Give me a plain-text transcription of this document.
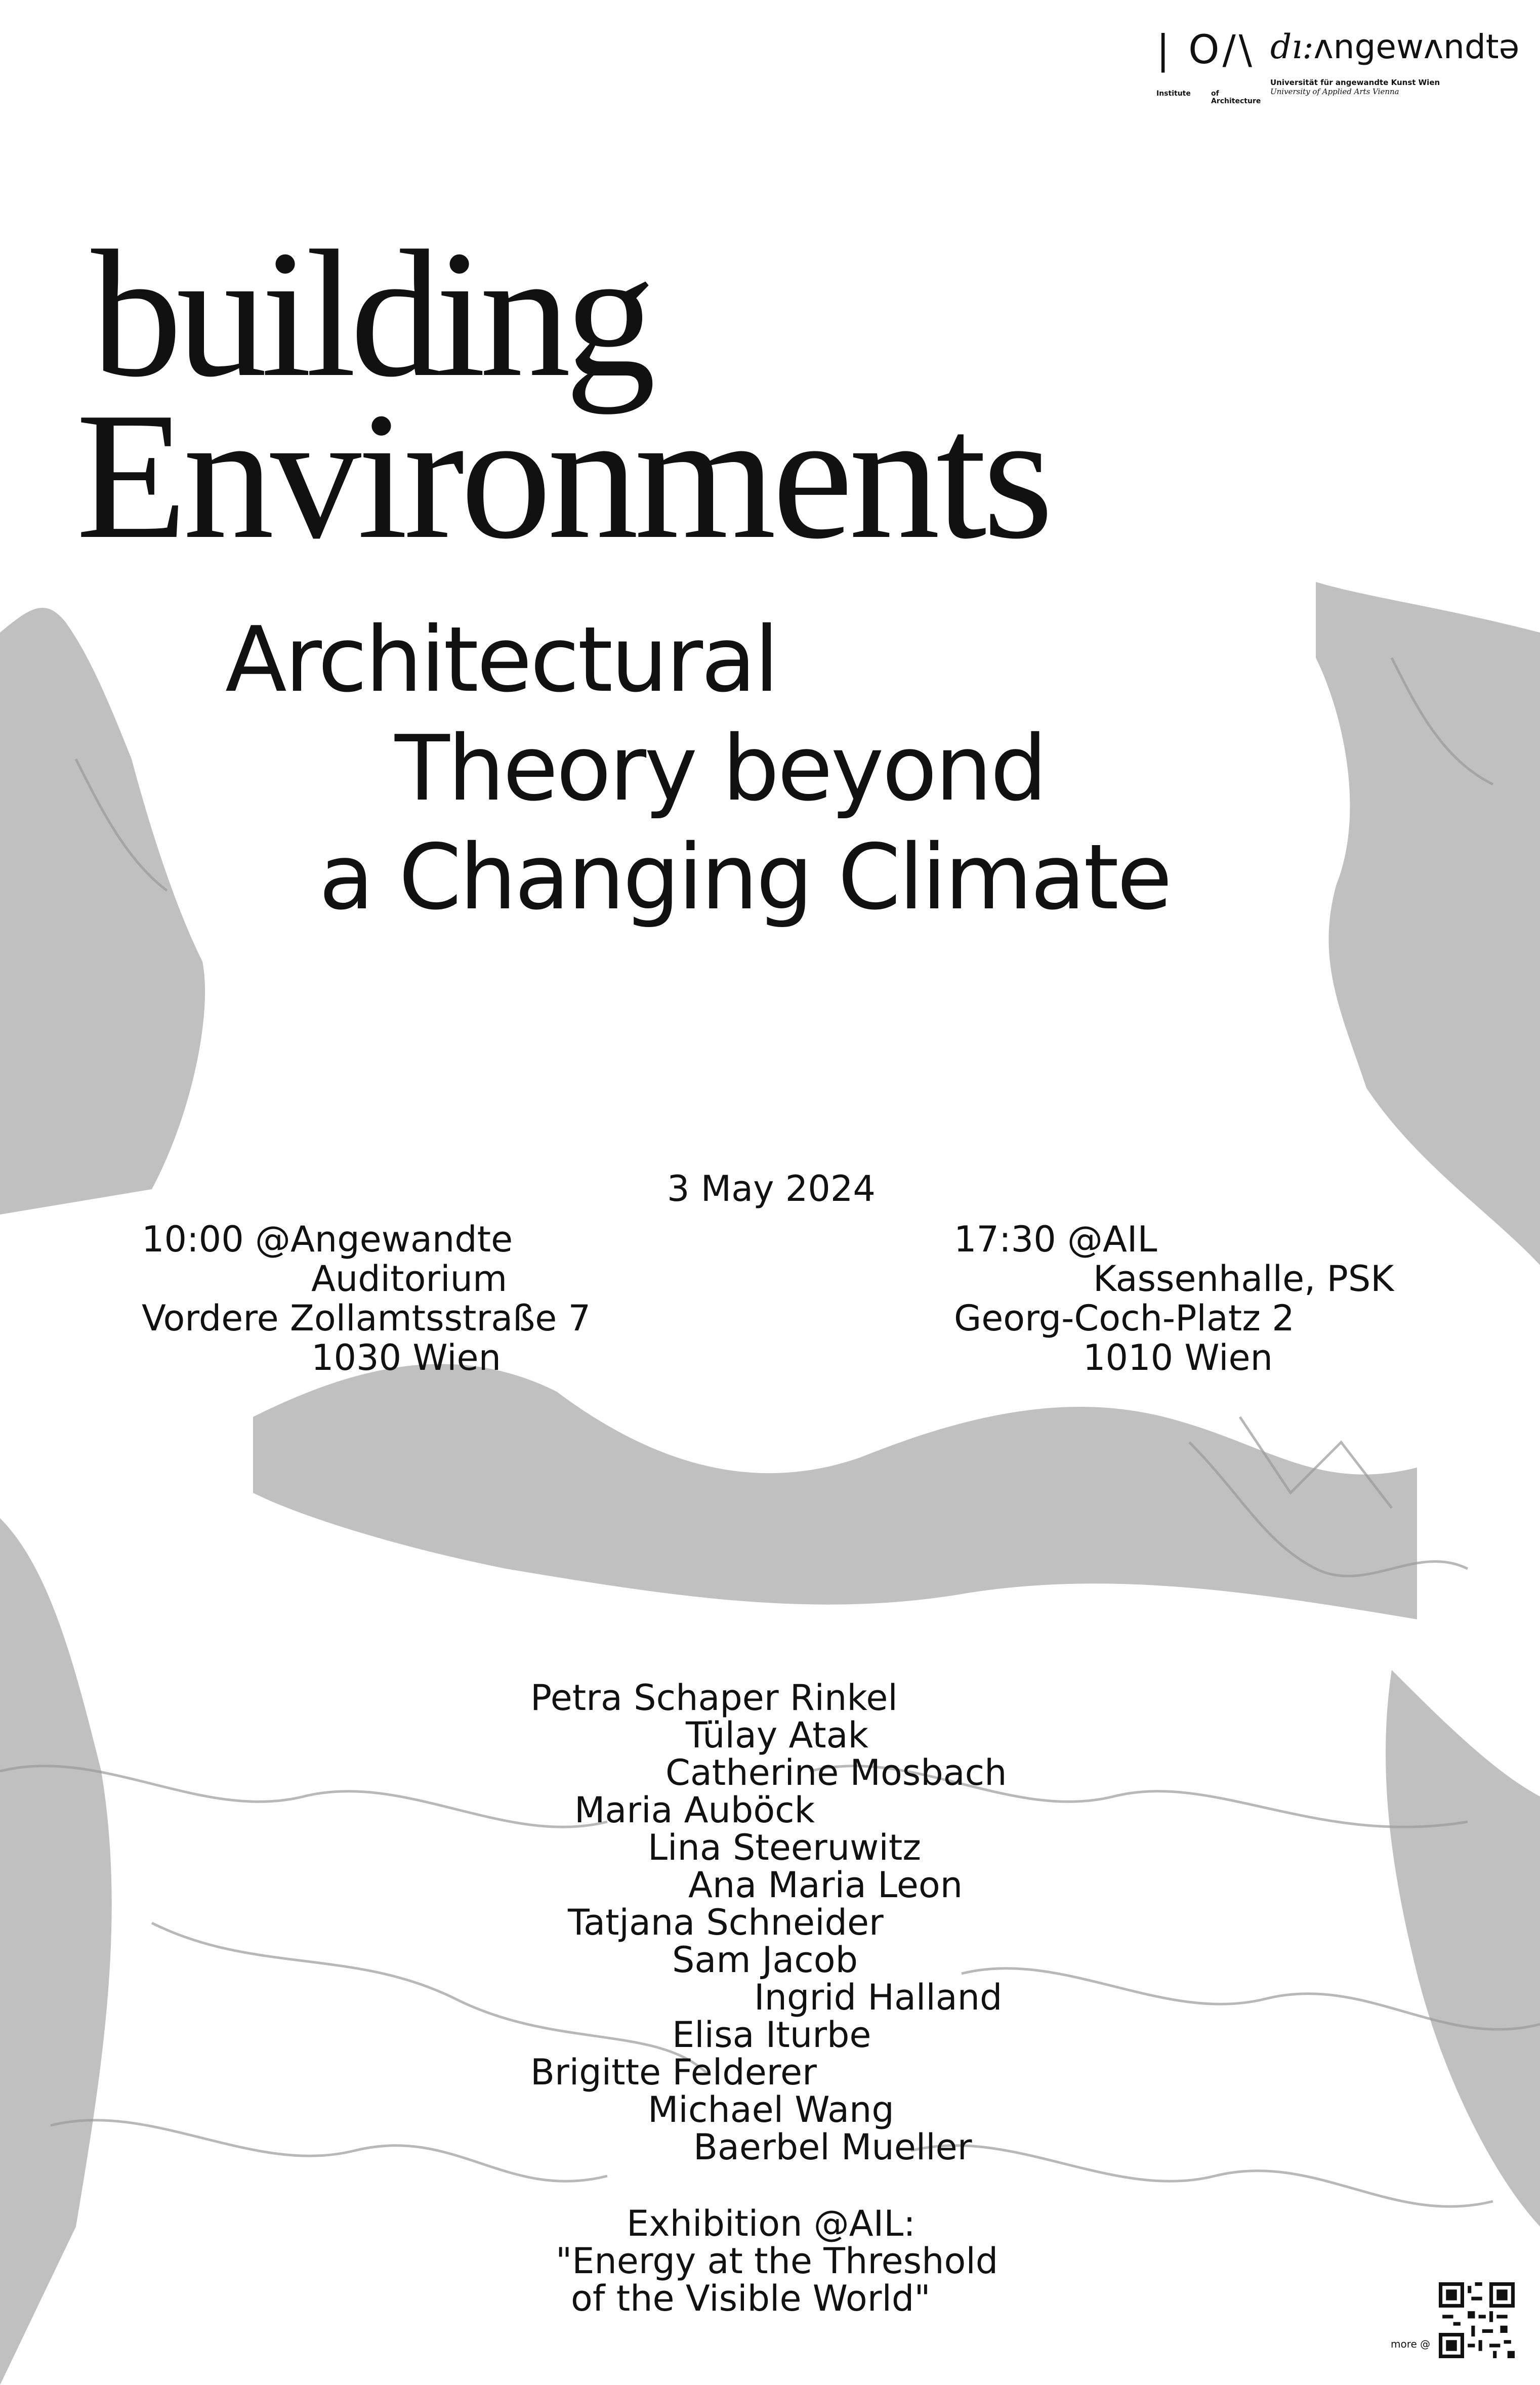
| O/\
Institute	of
Architecture
dı:ʌngewʌndtə
Universität für angewandte Kunst Wien
University of Applied Arts Vienna
building
Environments
Architectural
Theory beyond
a Changing Climate
3 May 2024
10:00 @Angewandte
Auditorium
Vordere Zollamtsstraße 7
1030 Wien
17:30 @AIL
Kassenhalle, PSK
Georg-Coch-Platz 2
1010 Wien
Petra Schaper Rinkel
Tülay Atak
Catherine Mosbach
Maria Auböck
Lina Steeruwitz
Ana Maria Leon
Tatjana Schneider
Sam Jacob
Ingrid Halland
Elisa Iturbe
Brigitte Felderer
Michael Wang
Baerbel Mueller
Exhibition @AIL:
"Energy at the Threshold
of the Visible World"
more @
